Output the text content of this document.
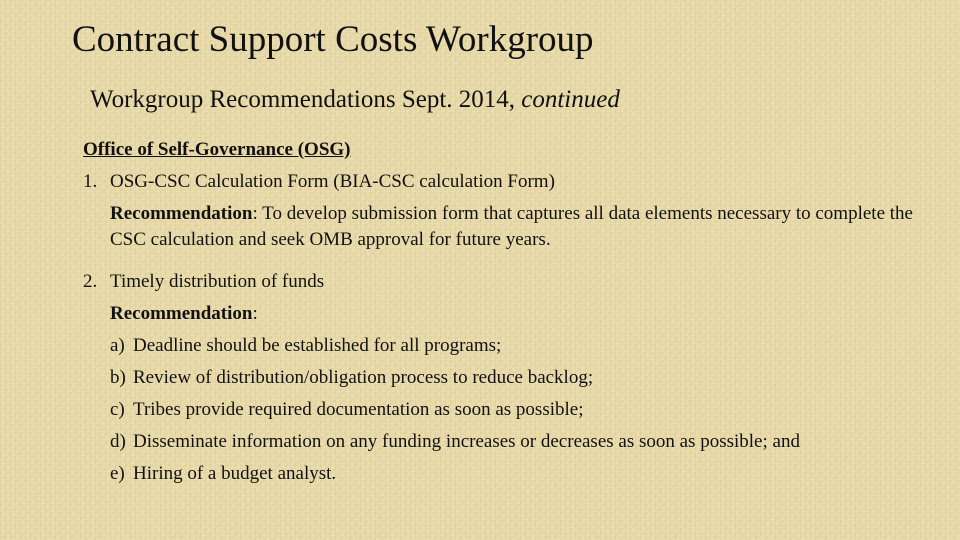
Contract Support Costs Workgroup
Workgroup Recommendations Sept. 2014, continued
Office of Self-Governance (OSG)
1. OSG-CSC Calculation Form (BIA-CSC calculation Form)
Recommendation: To develop submission form that captures all data elements necessary to complete the CSC calculation and seek OMB approval for future years.
2. Timely distribution of funds
Recommendation:
a) Deadline should be established for all programs;
b) Review of distribution/obligation process to reduce backlog;
c) Tribes provide required documentation as soon as possible;
d) Disseminate information on any funding increases or decreases as soon as possible; and
e) Hiring of a budget analyst.
